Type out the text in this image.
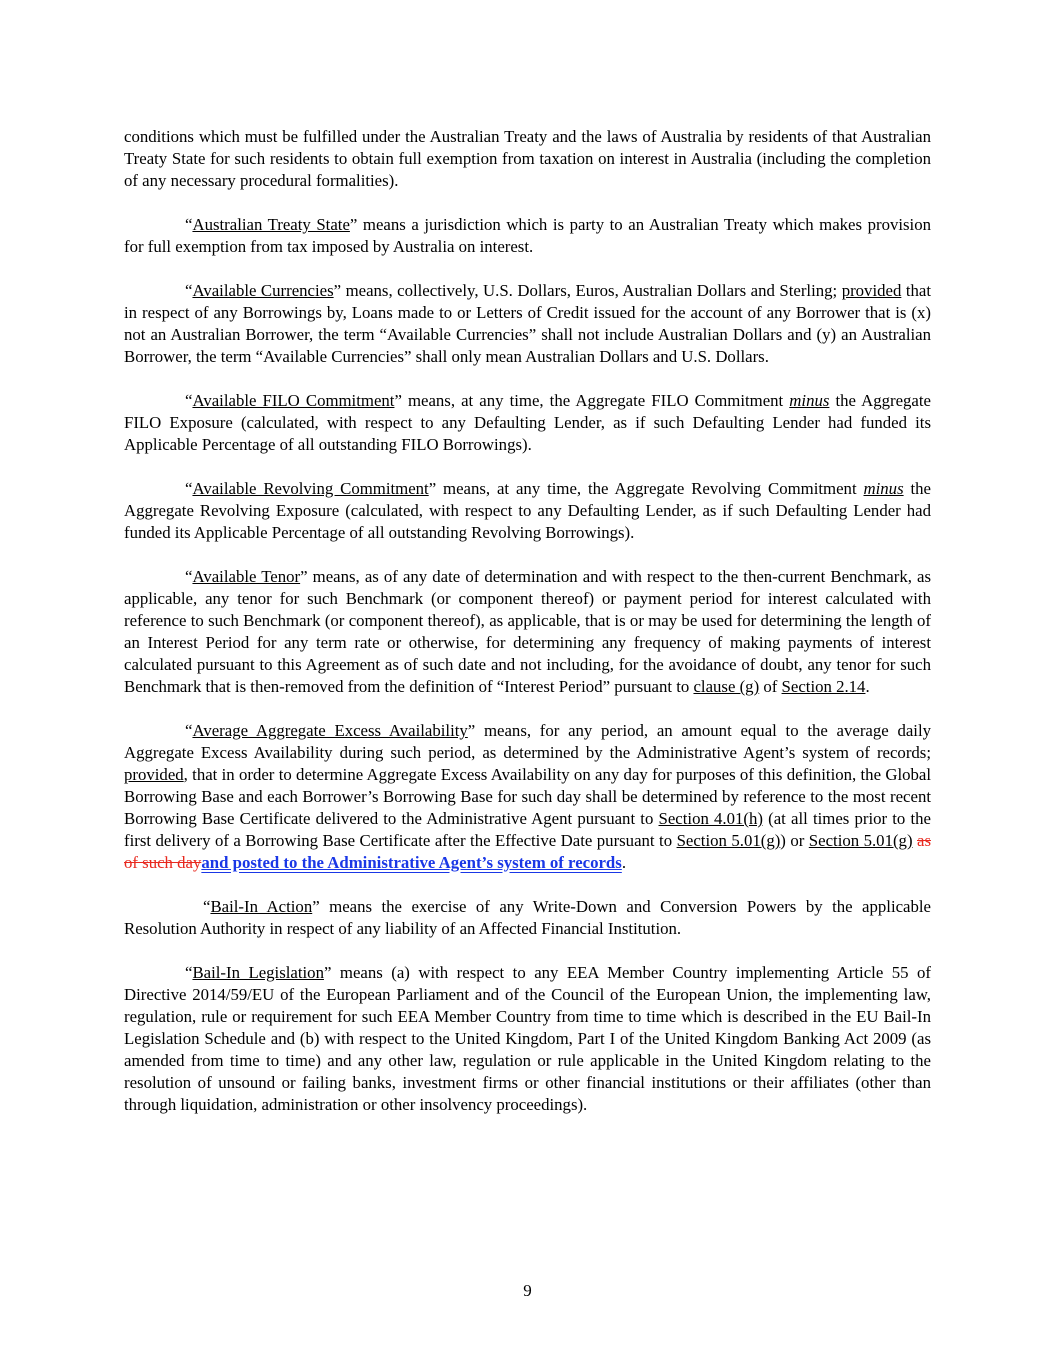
conditions which must be fulfilled under the Australian Treaty and the laws of Australia by residents of that Australian Treaty State for such residents to obtain full exemption from taxation on interest in Australia (including the completion of any necessary procedural formalities).

“Australian Treaty State” means a jurisdiction which is party to an Australian Treaty which makes provision for full exemption from tax imposed by Australia on interest.

“Available Currencies” means, collectively, U.S. Dollars, Euros, Australian Dollars and Sterling; provided that in respect of any Borrowings by, Loans made to or Letters of Credit issued for the account of any Borrower that is (x) not an Australian Borrower, the term “Available Currencies” shall not include Australian Dollars and (y) an Australian Borrower, the term “Available Currencies” shall only mean Australian Dollars and U.S. Dollars.

“Available FILO Commitment” means, at any time, the Aggregate FILO Commitment minus the Aggregate FILO Exposure (calculated, with respect to any Defaulting Lender, as if such Defaulting Lender had funded its Applicable Percentage of all outstanding FILO Borrowings).

“Available Revolving Commitment” means, at any time, the Aggregate Revolving Commitment minus the Aggregate Revolving Exposure (calculated, with respect to any Defaulting Lender, as if such Defaulting Lender had funded its Applicable Percentage of all outstanding Revolving Borrowings).

“Available Tenor” means, as of any date of determination and with respect to the then-current Benchmark, as applicable, any tenor for such Benchmark (or component thereof) or payment period for interest calculated with reference to such Benchmark (or component thereof), as applicable, that is or may be used for determining the length of an Interest Period for any term rate or otherwise, for determining any frequency of making payments of interest calculated pursuant to this Agreement as of such date and not including, for the avoidance of doubt, any tenor for such Benchmark that is then-removed from the definition of “Interest Period” pursuant to clause (g) of Section 2.14.

“Average Aggregate Excess Availability” means, for any period, an amount equal to the average daily Aggregate Excess Availability during such period, as determined by the Administrative Agent’s system of records; provided, that in order to determine Aggregate Excess Availability on any day for purposes of this definition, the Global Borrowing Base and each Borrower’s Borrowing Base for such day shall be determined by reference to the most recent Borrowing Base Certificate delivered to the Administrative Agent pursuant to Section 4.01(h) (at all times prior to the first delivery of a Borrowing Base Certificate after the Effective Date pursuant to Section 5.01(g)) or Section 5.01(g) as of such dayand posted to the Administrative Agent’s system of records.

“Bail-In Action” means the exercise of any Write-Down and Conversion Powers by the applicable Resolution Authority in respect of any liability of an Affected Financial Institution.

“Bail-In Legislation” means (a) with respect to any EEA Member Country implementing Article 55 of Directive 2014/59/EU of the European Parliament and of the Council of the European Union, the implementing law, regulation, rule or requirement for such EEA Member Country from time to time which is described in the EU Bail-In Legislation Schedule and (b) with respect to the United Kingdom, Part I of the United Kingdom Banking Act 2009 (as amended from time to time) and any other law, regulation or rule applicable in the United Kingdom relating to the resolution of unsound or failing banks, investment firms or other financial institutions or their affiliates (other than through liquidation, administration or other insolvency proceedings).

9
